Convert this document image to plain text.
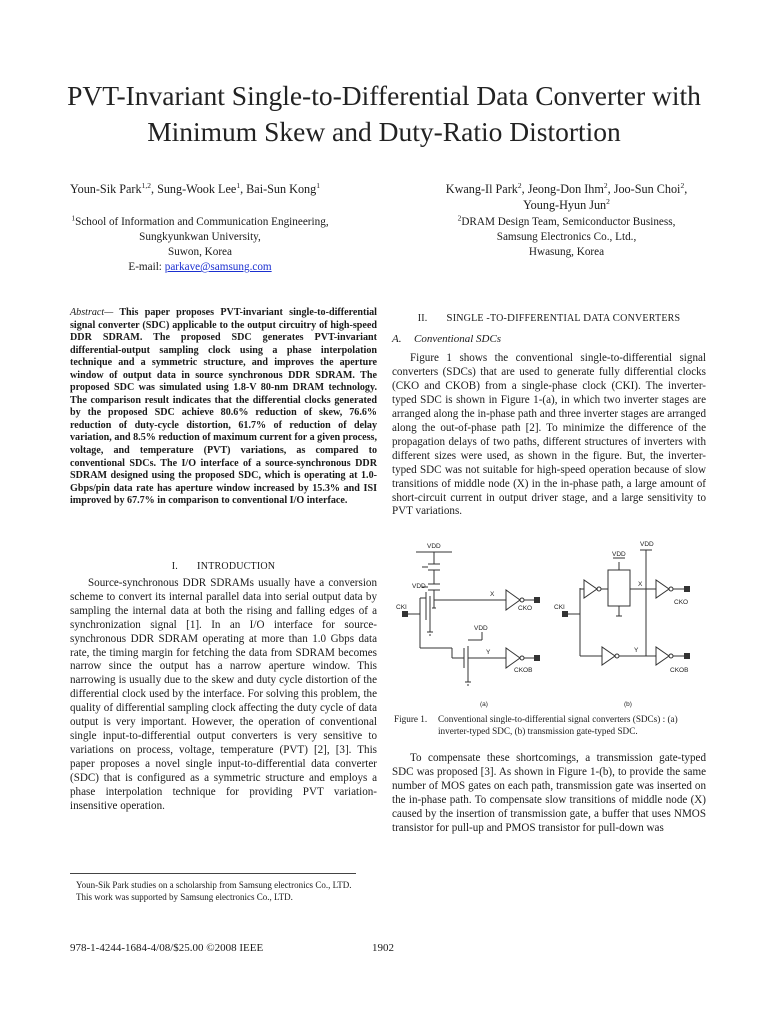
PVT-Invariant Single-to-Differential Data Converter with Minimum Skew and Duty-Ratio Distortion
Youn-Sik Park$^{1,2}$, Sung-Wook Lee$^1$, Bai-Sun Kong$^1$	Kwang-Il Park$^2$, Jeong-Don Ihm$^2$, Joo-Sun Choi$^2$,
Young-Hyun Jun$^2$
$^1$School of Information and Communication Engineering,
Sungkyunkwan University,
Suwon, Korea
E-mail: parkave@samsung.com
$^2$DRAM Design Team, Semiconductor Business,
Samsung Electronics Co., Ltd.,
Hwasung, Korea
Abstract— This paper proposes PVT-invariant single-to-differential signal converter (SDC) applicable to the output circuitry of high-speed DDR SDRAM. The proposed SDC generates PVT-invariant differential-output sampling clock using a phase interpolation technique and a symmetric structure, and improves the aperture window of output data in source synchronous DDR SDRAM. The proposed SDC was simulated using 1.8-V 80-nm DRAM technology. The comparison result indicates that the differential clocks generated by the proposed SDC achieve 80.6% reduction of skew, 76.6% reduction of duty-cycle distortion, 61.7% of reduction of delay variation, and 8.5% reduction of maximum current for a given process, voltage, and temperature (PVT) variations, as compared to conventional SDCs. The I/O interface of a source-synchronous DDR SDRAM designed using the proposed SDC, which is operating at 1.0-Gbps/pin data rate has aperture window increased by 15.3% and ISI improved by 67.7% in comparison to conventional I/O interface.
I. INTRODUCTION

Source-synchronous DDR SDRAMs usually have a conversion scheme to convert its internal parallel data into serial output data by sampling the internal data at both the rising and falling edges of a synchronization signal [1]. In an I/O interface for source-synchronous DDR SDRAM operating at more than 1.0 Gbps data rate, the timing margin for fetching the data from SDRAM becomes narrow since the output has a narrow aperture window. This narrowing is usually due to the skew and duty cycle distortion of the differential clock used by the interface. For solving this problem, the quality of differential sampling clock affecting the duty cycle of data output is very important. However, the operation of conventional single input-to-differential output converters is very sensitive to variations on process, voltage, temperature (PVT) [2], [3]. This paper proposes a novel single input-to-differential data converter (SDC) that is configured as a symmetric structure and employs a phase interpolation technique for providing PVT variation-insensitive operation.

II. SINGLE -TO-DIFFERENTIAL DATA CONVERTERS
A. Conventional SDCs

Figure 1 shows the conventional single-to-differential signal converters (SDCs) that are used to generate fully differential clocks (CKO and CKOB) from a single-phase clock (CKI). The inverter-typed SDC is shown in Figure 1-(a), in which two inverter stages are arranged along the in-phase path and three inverter stages are arranged along the out-of-phase path [2]. To minimize the difference of the propagation delays of two paths, different structures of inverters with different sizes were used, as shown in the figure. But, the inverter-typed SDC was not suitable for high-speed operation because of slow transitions of middle node (X) in the in-phase path, a large amount of short-circuit current in output driver stage, and a large sensitivity to PVT variations.

VDD
VDD
VDD
VDD
VDD
CKI	CKI
CKO
CKO
CKOB	CKOB
X
X
Y	Y
(a)	(b)
Figure 1. Conventional single-to-differential signal converters (SDCs) : (a)
inverter-typed SDC, (b) transmission gate-typed SDC.

To compensate these shortcomings, a transmission gate-typed SDC was proposed [3]. As shown in Figure 1-(b), to provide the same number of MOS gates on each path, transmission gate was inserted on the in-phase path. To compensate slow transitions of middle node (X) caused by the insertion of transmission gate, a buffer that uses NMOS transistor for pull-up and PMOS transistor for pull-down was

Youn-Sik Park studies on a scholarship from Samsung electronics Co., LTD.
This work was supported by Samsung electronics Co., LTD.
978-1-4244-1684-4/08/$25.00 ©2008 IEEE	1902
